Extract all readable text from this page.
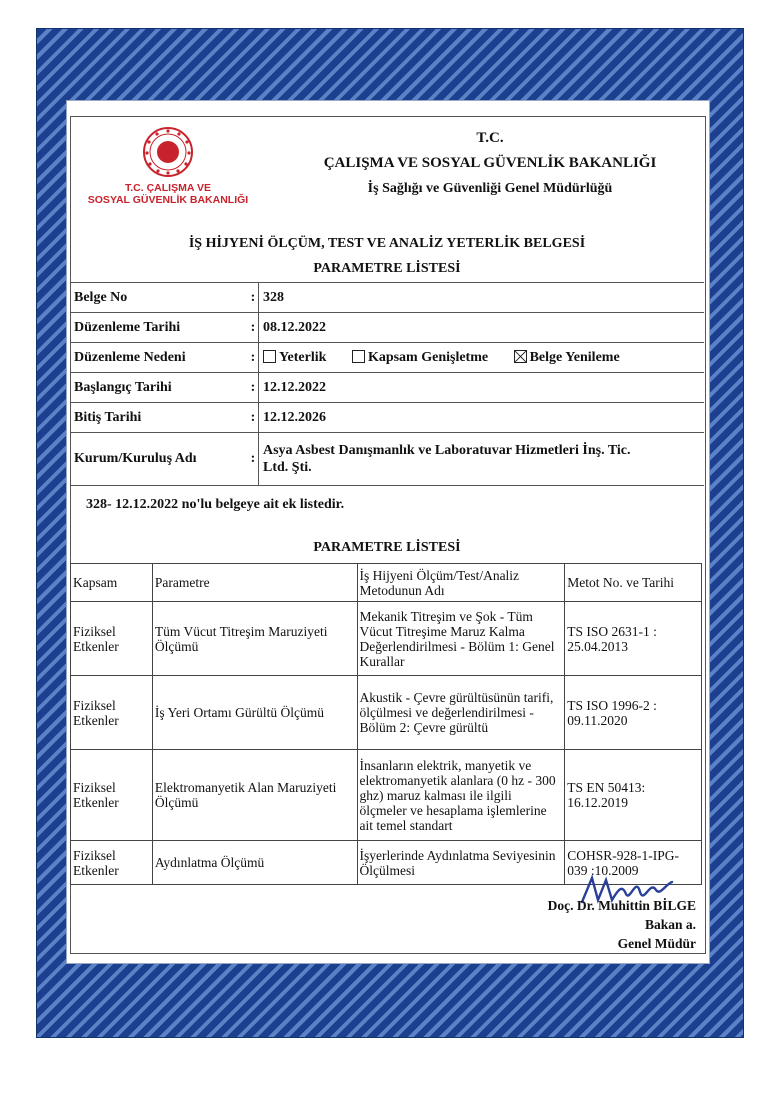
T.C. ÇALIŞMA VE
SOSYAL GÜVENLİK BAKANLIĞI
T.C.
ÇALIŞMA VE SOSYAL GÜVENLİK BAKANLIĞI
İş Sağlığı ve Güvenliği Genel Müdürlüğü
İŞ HİJYENİ ÖLÇÜM, TEST VE ANALİZ YETERLİK BELGESİ
PARAMETRE LİSTESİ
Belge No	:	328
Düzenleme Tarihi	:	08.12.2022
Düzenleme Nedeni	:	Yeterlik Kapsam Genişletme Belge Yenileme
Başlangıç Tarihi	:	12.12.2022
Bitiş Tarihi	:	12.12.2026
Kurum/Kuruluş Adı	:	Asya Asbest Danışmanlık ve Laboratuvar Hizmetleri İnş. Tic.
Ltd. Şti.
328- 12.12.2022 no'lu belgeye ait ek listedir.
PARAMETRE LİSTESİ
Kapsam	Parametre	İş Hijyeni Ölçüm/Test/Analiz Metodunun Adı	Metot No. ve Tarihi
Fiziksel Etkenler	Tüm Vücut Titreşim Maruziyeti Ölçümü	Mekanik Titreşim ve Şok - Tüm Vücut Titreşime Maruz Kalma Değerlendirilmesi - Bölüm 1: Genel Kurallar	TS ISO 2631-1 : 25.04.2013
Fiziksel Etkenler	İş Yeri Ortamı Gürültü Ölçümü	Akustik - Çevre gürültüsünün tarifi, ölçülmesi ve değerlendirilmesi - Bölüm 2: Çevre gürültü	TS ISO 1996-2 : 09.11.2020
Fiziksel Etkenler	Elektromanyetik Alan Maruziyeti Ölçümü	İnsanların elektrik, manyetik ve elektromanyetik alanlara (0 hz - 300 ghz) maruz kalması ile ilgili ölçmeler ve hesaplama işlemlerine ait temel standart	TS EN 50413: 16.12.2019
Fiziksel Etkenler	Aydınlatma Ölçümü	İşyerlerinde Aydınlatma Seviyesinin Ölçülmesi	COHSR-928-1-IPG-039 :10.2009
Doç. Dr. Muhittin BİLGE
Bakan a.
Genel Müdür
